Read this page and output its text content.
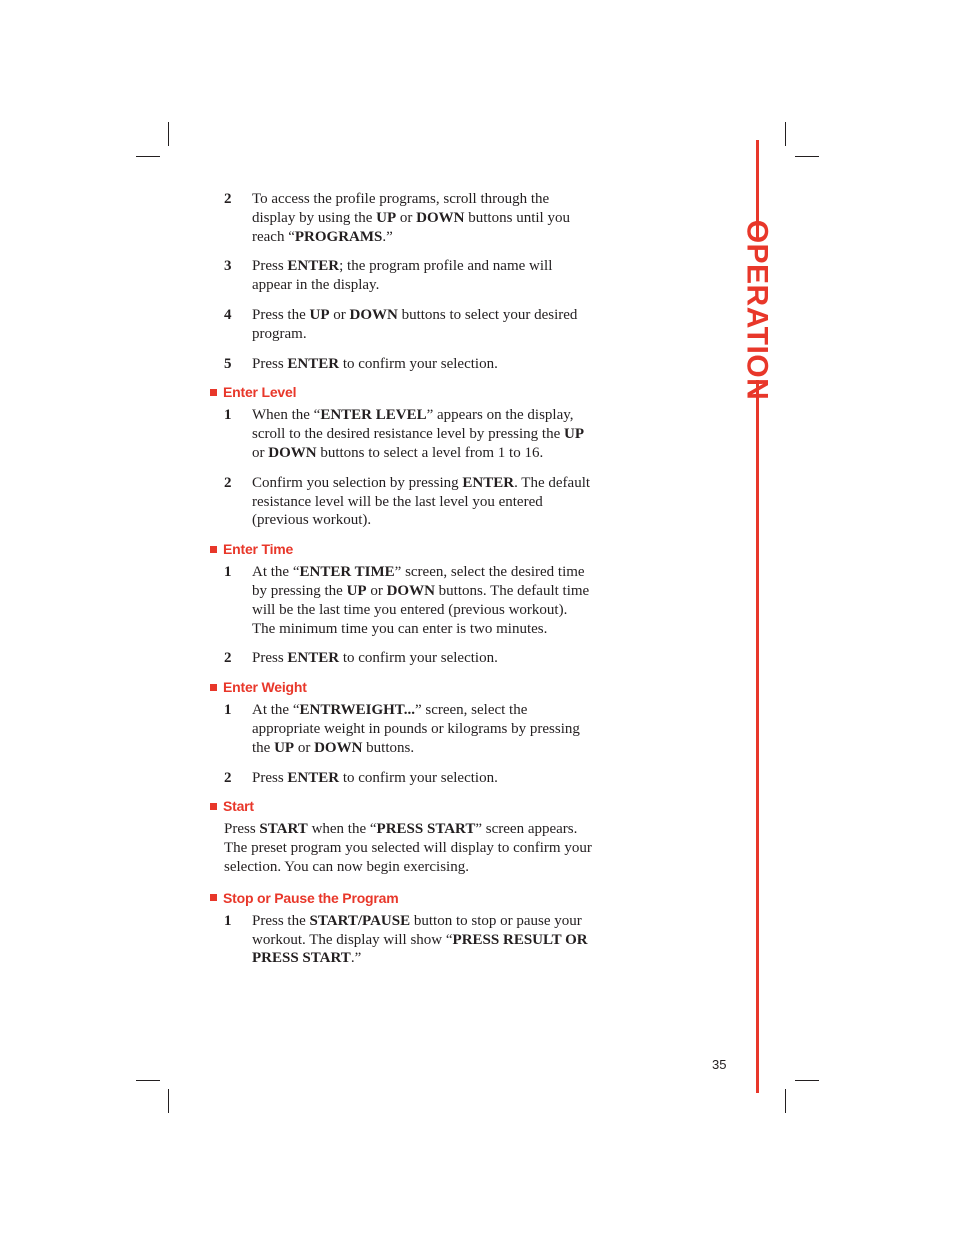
OPERATION
2	To access the profile programs, scroll through the display by using the UP or DOWN buttons until you reach “PROGRAMS.”
3	Press ENTER; the program profile and name will appear in the display.
4	Press the UP or DOWN buttons to select your desired program.
5	Press ENTER to confirm your selection.
Enter Level
1	When the “ENTER LEVEL” appears on the display, scroll to the desired resistance level by pressing the UP or DOWN buttons to select a level from 1 to 16.
2	Confirm you selection by pressing ENTER. The default resistance level will be the last level you entered (previous workout).
Enter Time
1	At the “ENTER TIME” screen, select the desired time by pressing the UP or DOWN buttons. The default time will be the last time you entered (previous workout). The minimum time you can enter is two minutes.
2	Press ENTER to confirm your selection.
Enter Weight
1	At the “ENTRWEIGHT...” screen, select the appropriate weight in pounds or kilograms by pressing the UP or DOWN buttons.
2	Press ENTER to confirm your selection.
Start
Press START when the “PRESS START” screen appears. The preset program you selected will display to confirm your selection. You can now begin exercising.
Stop or Pause the Program
1	Press the START/PAUSE button to stop or pause your workout. The display will show “PRESS RESULT OR PRESS START.”
35
